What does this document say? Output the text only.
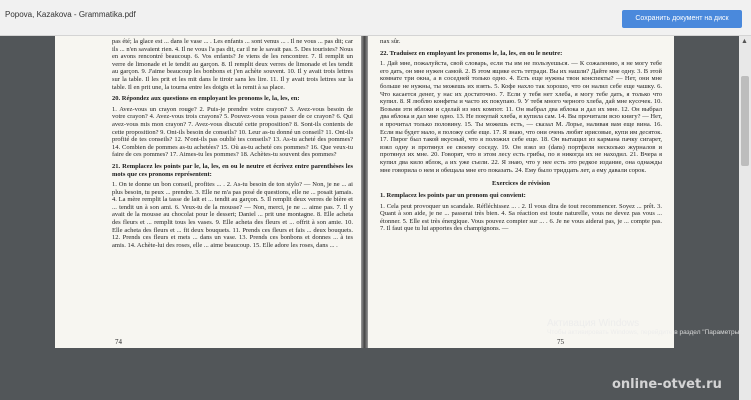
Popova, Kazakova - Grammatika.pdf	Сохранить документ на диск

pas été; la glace est ... dans le vase ... . Les enfants ... sont venus ... . Il ne vous ... pas dit; car ils ... n'en savaient rien. 4. Il ne vous l'a pas dit, car il ne le savait pas. 5. Des touristes? Nous en avons rencontré beaucoup. 6. Vos enfants? Je viens de les rencontrer. 7. Il remplit un verre de limonade et le tendit au garçon. 8. Il remplit deux verres de limonade et les tendit au garçon. 9. J'aime beaucoup les bonbons et j'en achète souvent. 10. Il y avait trois lettres sur la table. Il les prit et les mit dans le tiroir sans les lire. 11. Il y avait trois lettres sur la table. Il en prit une, la tourna entre les doigts et la remit à sa place.

20. Répondez aux questions en employant les pronoms le, la, les, en:

1. Avez-vous un crayon rouge? 2. Puis-je prendre votre crayon? 3. Avez-vous besoin de votre crayon? 4. Avez-vous trois crayons? 5. Pouvez-vous vous passer de ce crayon? 6. Qui avez-vous mis mon crayon? 7. Avez-vous discuté cette proposition? 8. Sont-ils contents de cette proposition? 9. Ont-ils besoin de conseils? 10. Leur as-tu donné un conseil? 11. Ont-ils profité de tes conseils? 12. N'ont-ils pas oublié tes conseils? 13. As-tu acheté des pommes? 14. Combien de pommes as-tu achetées? 15. Où as-tu acheté ces pommes? 16. Que veux-tu faire de ces pommes? 17. Aimes-tu les pommes? 18. Achètes-tu souvent des pommes?

21. Remplacez les points par le, la, les, en ou le neutre et écrivez entre parenthèses les mots que ces pronoms représentent:

1. On te donne un bon conseil, profites ... . 2. As-tu besoin de ton stylo? — Non, je ne ... ai plus besoin, tu peux ... prendre. 3. Elle ne m'a pas posé de questions, elle ne ... posait jamais. 4. La mère remplit la tasse de lait et ... tendit au garçon. 5. Il remplit deux verres de bière et ... tendit un à son ami. 6. Veux-tu de la mousse? — Non, merci, je ne ... aime pas. 7. Il y avait de la mousse au chocolat pour le dessert; Daniel ... prit une montagne. 8. Elle acheta des fleurs et ... remplit tous les vases. 9. Elle acheta des fleurs et ... offrit à son amie. 10. Elle acheta des fleurs et ... fit deux bouquets. 11. Prends ces fleurs et fais ... deux bouquets. 12. Prends ces fleurs et mets ... dans un vase. 13. Prends ces bonbons et donnes ... à tes amis. 14. Achète-lui des roses, elle ... aime beaucoup. 15. Elle adore les roses, dans ... .

74

пах sûr.

22. Traduisez en employant les pronoms le, la, les, en ou le neutre:

1. Дай мне, пожалуйста, свой словарь, если ты им не пользуешься. — К сожалению, я не могу тебе его дать, он мне нужен самой. 2. В этом ящике есть тетради. Вы их нашли? Дайте мне одну. 3. В этой комнате три окна, а в соседней только одно. 4. Есть еще нужны твои конспекты? — Нет, они мне больше не нужны, ты можешь их взять. 5. Кофе нахло так хорошо, что он налил себе еще чашку. 6. Что касается денег, у нас их достаточно. 7. Если у тебя нет хлеба, я могу тебе дать, я только что купил. 8. Я люблю конфеты и часто их покупаю. 9. У тебя много черного хлеба, дай мне кусочек. 10. Возьми эти яблоки и сделай из них компот. 11. Он выбрал два яблока и дал их мне. 12. Он выбрал два яблока и дал мне одно. 13. Не покупай хлеба, я купила сам. 14. Вы прочитали всю книгу? — Нет, я прочитал только половину. 15. Ты можешь есть, — сказал М. Лорье, наливая вам еще вина. 16. Если вы будет мало, я положу себе еще. 17. Я знаю, что они очень любят ирисовые, купи им десяток. 17. Пирог был такой вкусный, что я положил себе еще. 18. Он вытащил из кармана пачку сигарет, взял одну и протянул ее своему соседу. 19. Он взял из (dans) портфеля несколько журналов и протянул их мне. 20. Говорят, что в этом лесу есть грибы, по я никогда их не находил. 21. Вчера я купил два кило яблок, а их уже съели. 22. Я знаю, что у нее есть это редкое издание, она однажды мне говорила о нем и обещала мне его показать. 24. Ему было тридцать лет, а ему давали сорок.

Exercices de révision

1. Remplacez les points par un pronom qui convient:

1. Cela peut provoquer un scandale. Réfléchissez ... . 2. Il vous dira de tout recommencer. Soyez ... prêt. 3. Quant à son aide, je ne ... passerai très bien. 4. Sa réaction est toute naturelle, vous ne devez pas vous ... étonner. 5. Elle est très énergique. Vous pouvez compter sur ... . 6. Je ne vous aiderai pas, je ... compte pas. 7. Il faut que tu lui apportes des champignons. —

75
▲
Активация Windows
Чтобы активировать Windows, перейдите в раздел "Параметры".
online-otvet.ru
